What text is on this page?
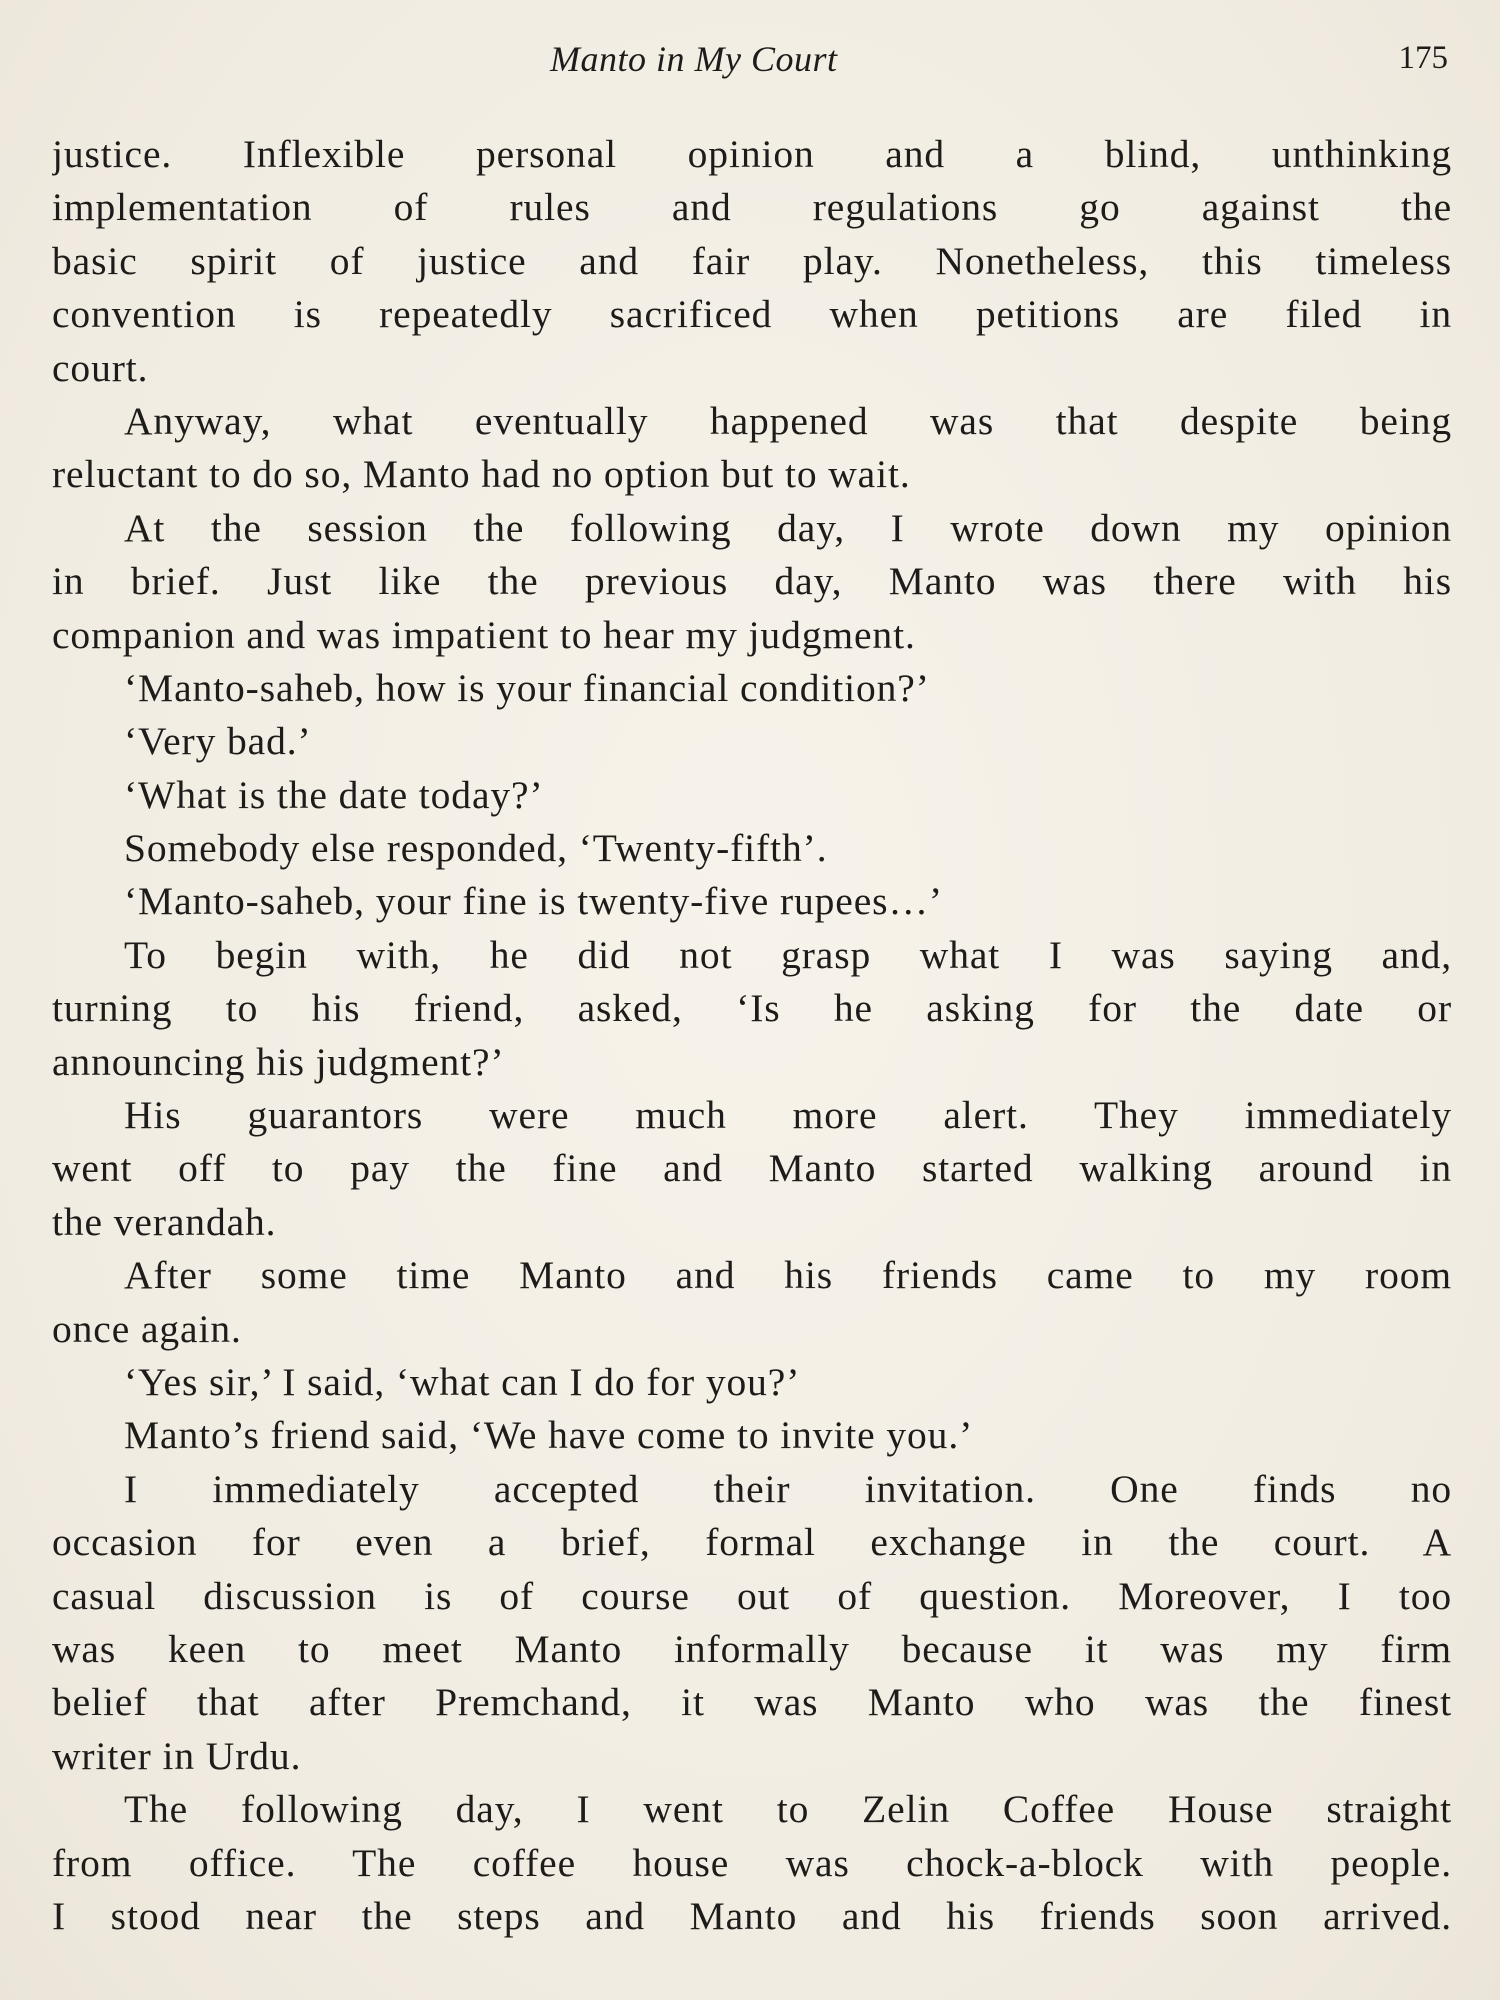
Manto in My Court	175
justice. Inflexible personal opinion and a blind, unthinking
implementation of rules and regulations go against the
basic spirit of justice and fair play. Nonetheless, this timeless
convention is repeatedly sacrificed when petitions are filed in
court.
Anyway, what eventually happened was that despite being
reluctant to do so, Manto had no option but to wait.
At the session the following day, I wrote down my opinion
in brief. Just like the previous day, Manto was there with his
companion and was impatient to hear my judgment.
‘Manto-saheb, how is your financial condition?’
‘Very bad.’
‘What is the date today?’
Somebody else responded, ‘Twenty-fifth’.
‘Manto-saheb, your fine is twenty-five rupees…’
To begin with, he did not grasp what I was saying and,
turning to his friend, asked, ‘Is he asking for the date or
announcing his judgment?’
His guarantors were much more alert. They immediately
went off to pay the fine and Manto started walking around in
the verandah.
After some time Manto and his friends came to my room
once again.
‘Yes sir,’ I said, ‘what can I do for you?’
Manto’s friend said, ‘We have come to invite you.’
I immediately accepted their invitation. One finds no
occasion for even a brief, formal exchange in the court. A
casual discussion is of course out of question. Moreover, I too
was keen to meet Manto informally because it was my firm
belief that after Premchand, it was Manto who was the finest
writer in Urdu.
The following day, I went to Zelin Coffee House straight
from office. The coffee house was chock-a-block with people.
I stood near the steps and Manto and his friends soon arrived.
